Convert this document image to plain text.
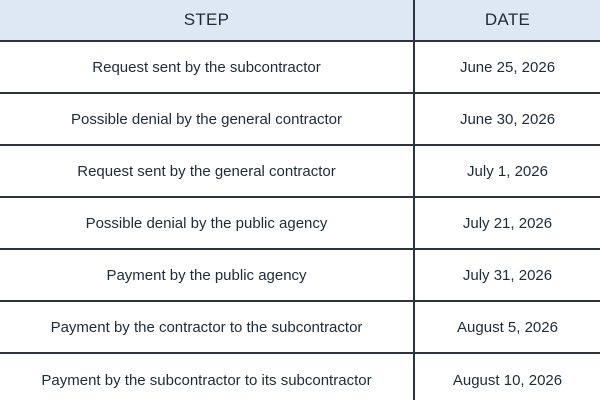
STEP	DATE
Request sent by the subcontractor	June 25, 2026
Possible denial by the general contractor	June 30, 2026
Request sent by the general contractor	July 1, 2026
Possible denial by the public agency	July 21, 2026
Payment by the public agency	July 31, 2026
Payment by the contractor to the subcontractor	August 5, 2026
Payment by the subcontractor to its subcontractor	August 10, 2026
